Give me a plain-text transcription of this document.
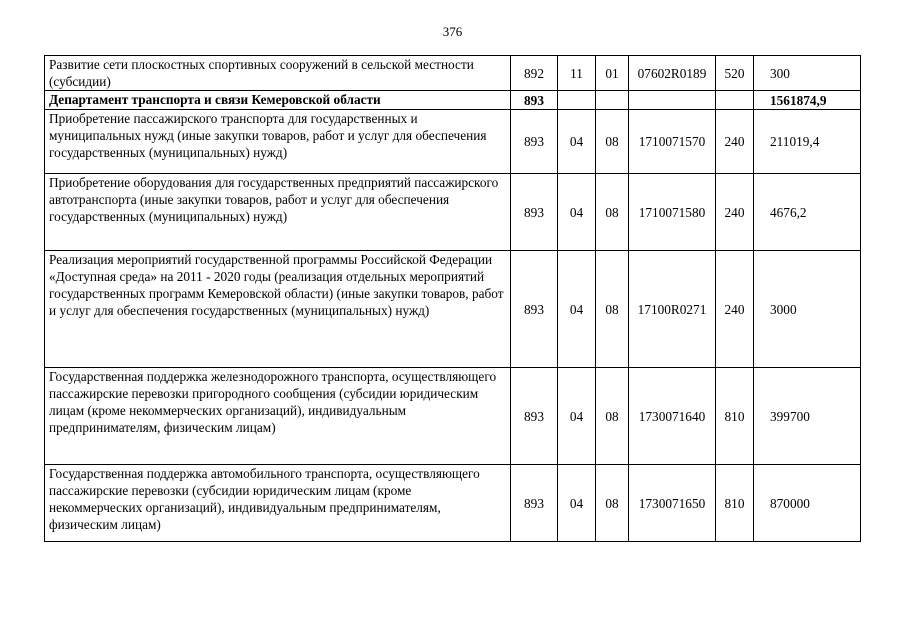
376
Развитие сети плоскостных спортивных сооружений в сельской местности (субсидии)	892	11	01	07602R0189	520	300
Департамент транспорта и связи Кемеровской области	893					1561874,9
Приобретение пассажирского транспорта для государственных и муниципальных нужд (иные закупки товаров, работ и услуг для обеспечения государственных (муниципальных) нужд)	893	04	08	1710071570	240	211019,4
Приобретение оборудования для государственных предприятий пассажирского автотранспорта (иные закупки товаров, работ и услуг для обеспечения государственных (муниципальных) нужд)	893	04	08	1710071580	240	4676,2
Реализация мероприятий государственной программы Российской Федерации «Доступная среда» на 2011 - 2020 годы (реализация отдельных мероприятий государственных программ Кемеровской области) (иные закупки товаров, работ и услуг для обеспечения государственных (муниципальных) нужд)	893	04	08	17100R0271	240	3000
Государственная поддержка железнодорожного транспорта, осуществляющего пассажирские перевозки пригородного сообщения (субсидии юридическим лицам (кроме некоммерческих организаций), индивидуальным предпринимателям, физическим лицам)	893	04	08	1730071640	810	399700
Государственная поддержка автомобильного транспорта, осуществляющего пассажирские перевозки (субсидии юридическим лицам (кроме некоммерческих организаций), индивидуальным предпринимателям, физическим лицам)	893	04	08	1730071650	810	870000
